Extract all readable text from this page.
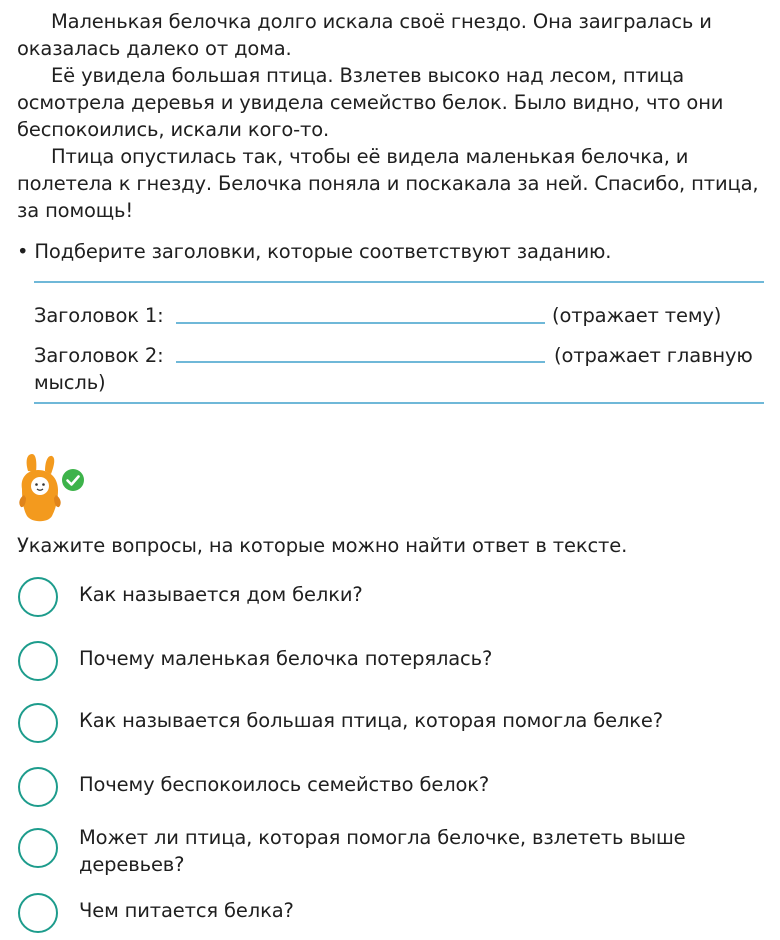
Маленькая белочка долго искала своё гнездо. Она заигралась и оказалась далеко от дома.

Её увидела большая птица. Взлетев высоко над лесом, птица осмотрела деревья и увидела семейство белок. Было видно, что они беспокоились, искали кого-то.

Птица опустилась так, чтобы её видела маленькая белочка, и полетела к гнезду. Белочка поняла и поскакала за ней. Спасибо, птица, за помощь!

• Подберите заголовки, которые соответствуют заданию.
Заголовок 1:	(отражает тему)
Заголовок 2:	(отражает главную
мысль)
Укажите вопросы, на которые можно найти ответ в тексте.
Как называется дом белки?
Почему маленькая белочка потерялась?
Как называется большая птица, которая помогла белке?
Почему беспокоилось семейство белок?
Может ли птица, которая помогла белочке, взлететь выше
деревьев?
Чем питается белка?
